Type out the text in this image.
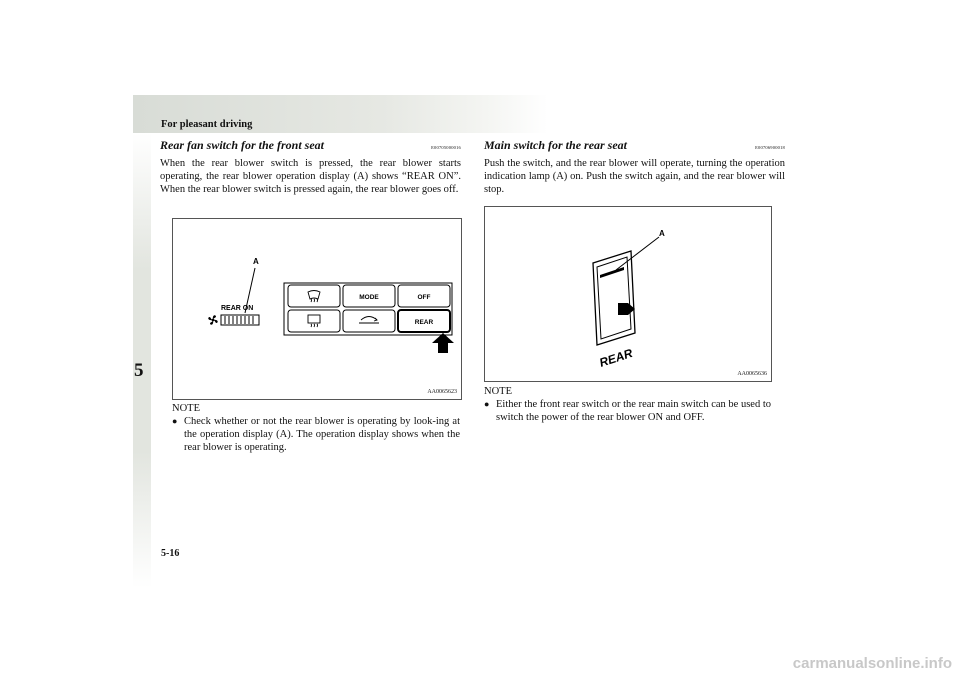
For pleasant driving
5
Rear fan switch for the front seat	E00705000016

When the rear blower switch is pressed, the rear blower starts operating, the rear blower operation display (A) shows “REAR ON”. When the rear blower switch is pressed again, the rear blower goes off.

A
REAR ON
MODE	OFF
REAR
AA0065623
NOTE
● Check whether or not the rear blower is operating by look-ing at the operation display (A). The operation display shows when the rear blower is operating.
Main switch for the rear seat	E00706900018

Push the switch, and the rear blower will operate, turning the operation indication lamp (A) on. Push the switch again, and the rear blower will stop.

A
REAR
AA0065636
NOTE
● Either the front rear switch or the rear main switch can be used to switch the power of the rear blower ON and OFF.
5-16
carmanualsonline.info
